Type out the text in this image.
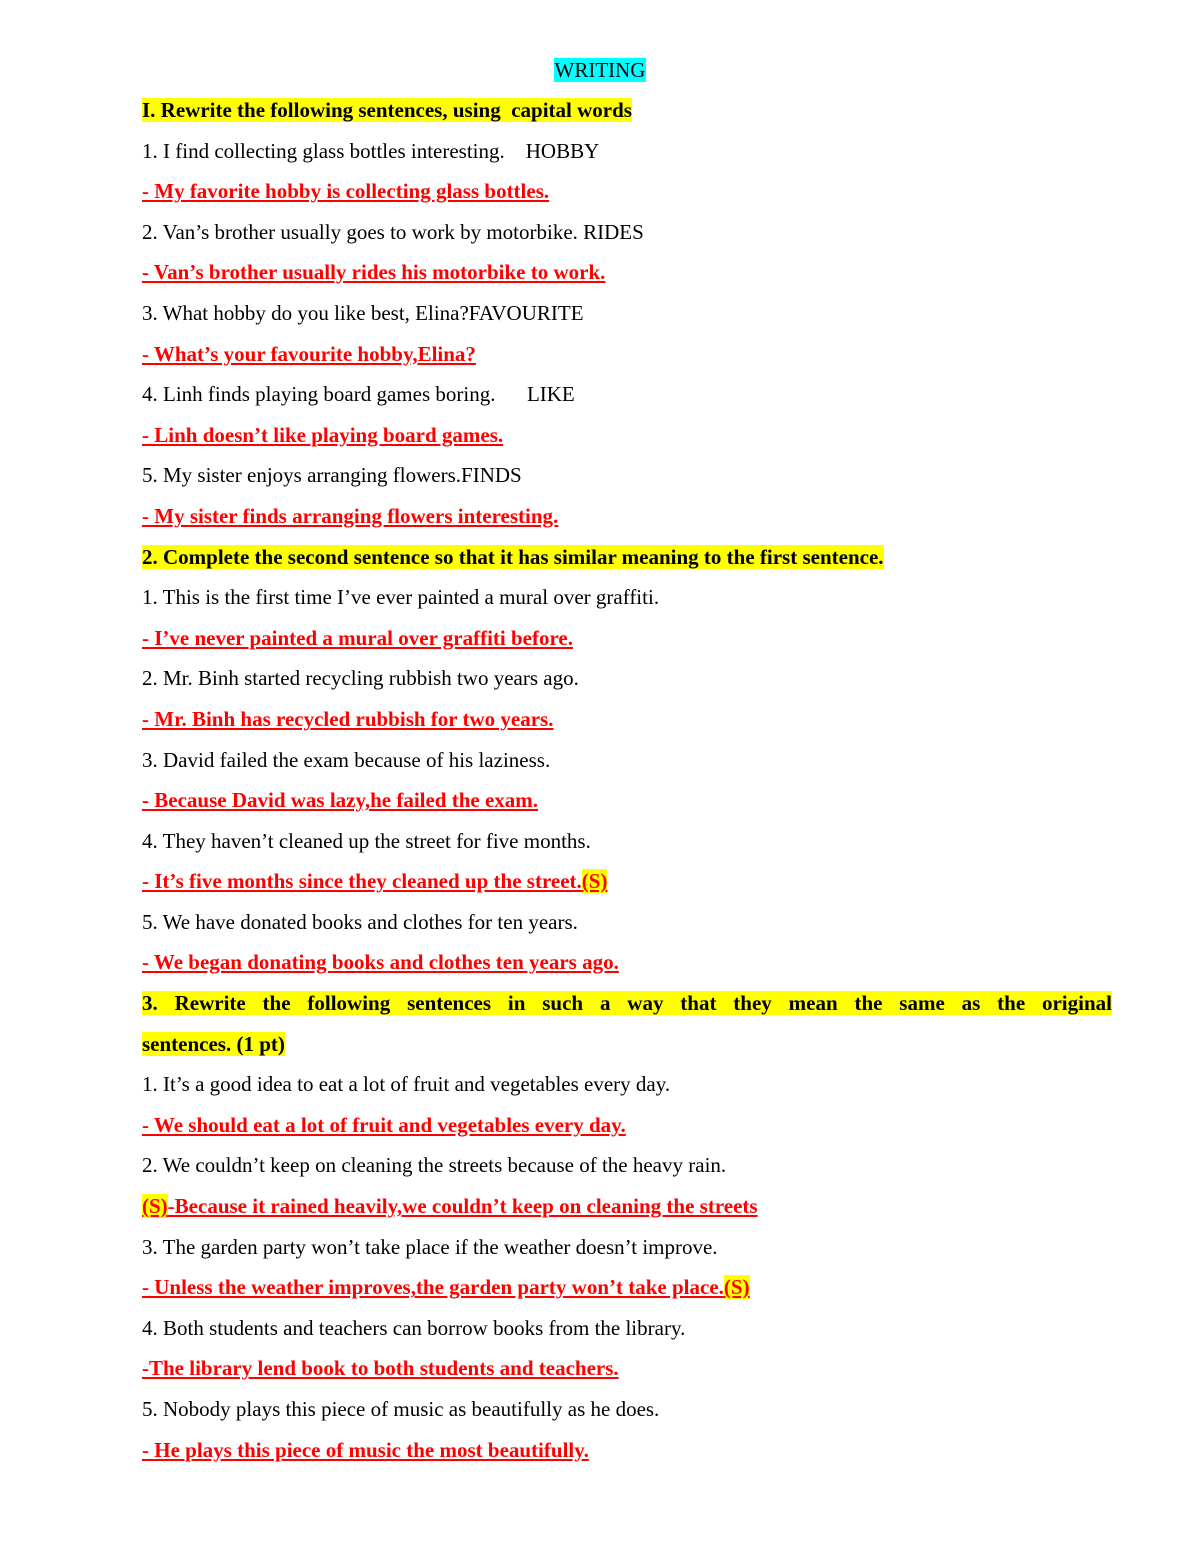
WRITING
I. Rewrite the following sentences, using  capital words
1. I find collecting glass bottles interesting.    HOBBY
- My favorite hobby is collecting glass bottles.
2. Van’s brother usually goes to work by motorbike. RIDES
- Van’s brother usually rides his motorbike to work.
3. What hobby do you like best, Elina?FAVOURITE
- What’s your favourite hobby,Elina?
4. Linh finds playing board games boring.      LIKE
- Linh doesn’t like playing board games.
5. My sister enjoys arranging flowers.FINDS
- My sister finds arranging flowers interesting.
2. Complete the second sentence so that it has similar meaning to the first sentence.
1. This is the first time I’ve ever painted a mural over graffiti.
- I’ve never painted a mural over graffiti before.
2. Mr. Binh started recycling rubbish two years ago.
- Mr. Binh has recycled rubbish for two years.
3. David failed the exam because of his laziness.
- Because David was lazy,he failed the exam.
4. They haven’t cleaned up the street for five months.
- It’s five months since they cleaned up the street.(S)
5. We have donated books and clothes for ten years.
- We began donating books and clothes ten years ago.
3. Rewrite the following sentences in such a way that they mean the same as the original
sentences. (1 pt)
1. It’s a good idea to eat a lot of fruit and vegetables every day.
- We should eat a lot of fruit and vegetables every day.
2. We couldn’t keep on cleaning the streets because of the heavy rain.
(S)-Because it rained heavily,we couldn’t keep on cleaning the streets
3. The garden party won’t take place if the weather doesn’t improve.
- Unless the weather improves,the garden party won’t take place.(S)
4. Both students and teachers can borrow books from the library.
-The library lend book to both students and teachers.
5. Nobody plays this piece of music as beautifully as he does.
- He plays this piece of music the most beautifully.
